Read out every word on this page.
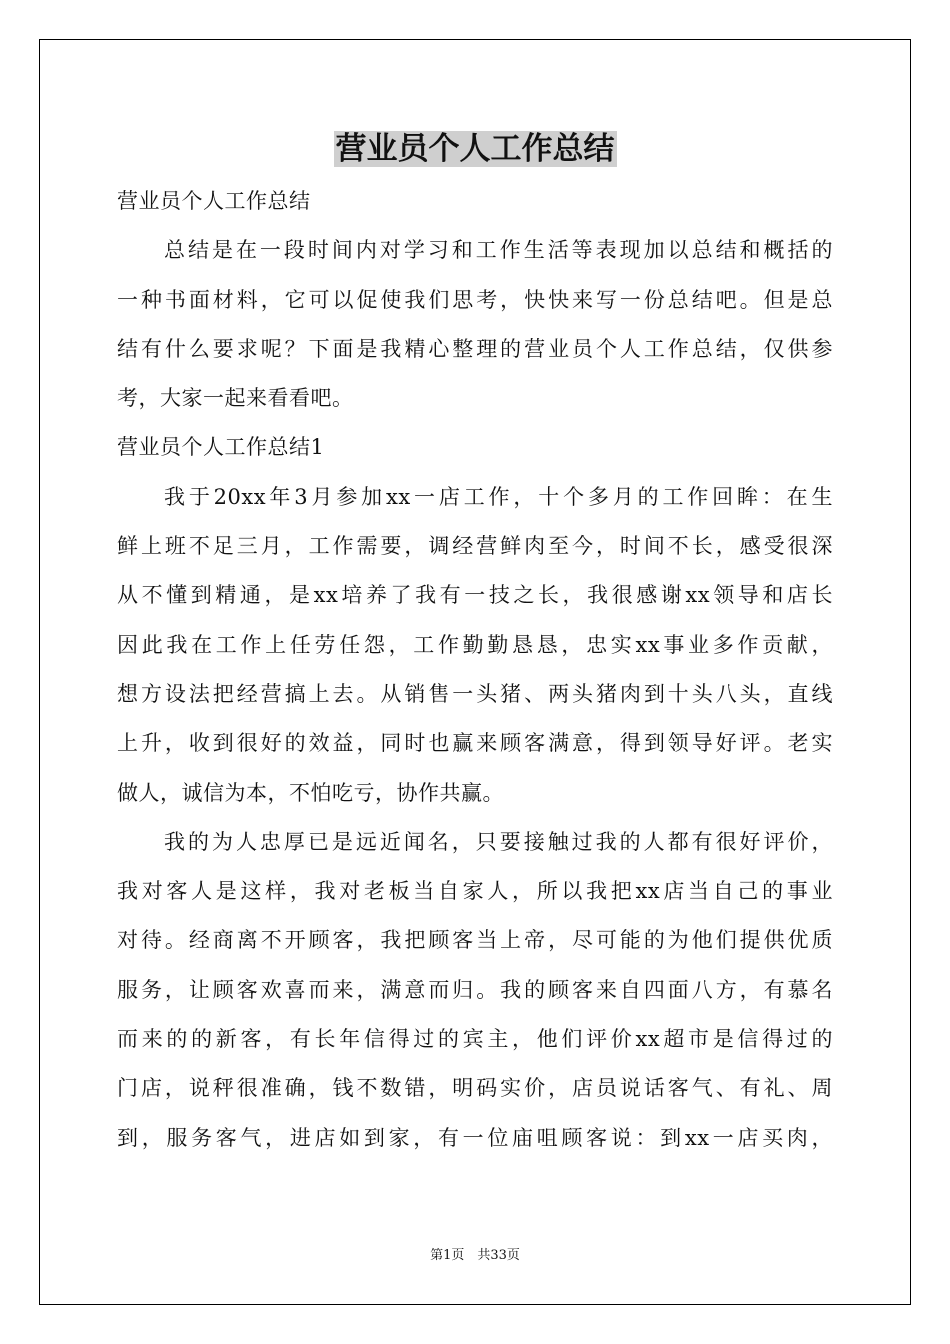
营业员个人工作总结
营业员个人工作总结
总结是在一段时间内对学习和工作生活等表现加以总结和概括的
一种书面材料，它可以促使我们思考，快快来写一份总结吧。但是总
结有什么要求呢？下面是我精心整理的营业员个人工作总结，仅供参
考，大家一起来看看吧。
营业员个人工作总结1
我于20xx年3月参加xx一店工作，十个多月的工作回眸：在生
鲜上班不足三月，工作需要，调经营鲜肉至今，时间不长，感受很深
从不懂到精通，是xx培养了我有一技之长，我很感谢xx领导和店长
因此我在工作上任劳任怨，工作勤勤恳恳，忠实xx事业多作贡献，
想方设法把经营搞上去。从销售一头猪、两头猪肉到十头八头，直线
上升，收到很好的效益，同时也赢来顾客满意，得到领导好评。老实
做人，诚信为本，不怕吃亏，协作共赢。
我的为人忠厚已是远近闻名，只要接触过我的人都有很好评价，
我对客人是这样，我对老板当自家人，所以我把xx店当自己的事业
对待。经商离不开顾客，我把顾客当上帝，尽可能的为他们提供优质
服务，让顾客欢喜而来，满意而归。我的顾客来自四面八方，有慕名
而来的的新客，有长年信得过的宾主，他们评价xx超市是信得过的
门店，说秤很准确，钱不数错，明码实价，店员说话客气、有礼、周
到，服务客气，进店如到家，有一位庙咀顾客说：到xx一店买肉，
第1页　共33页
